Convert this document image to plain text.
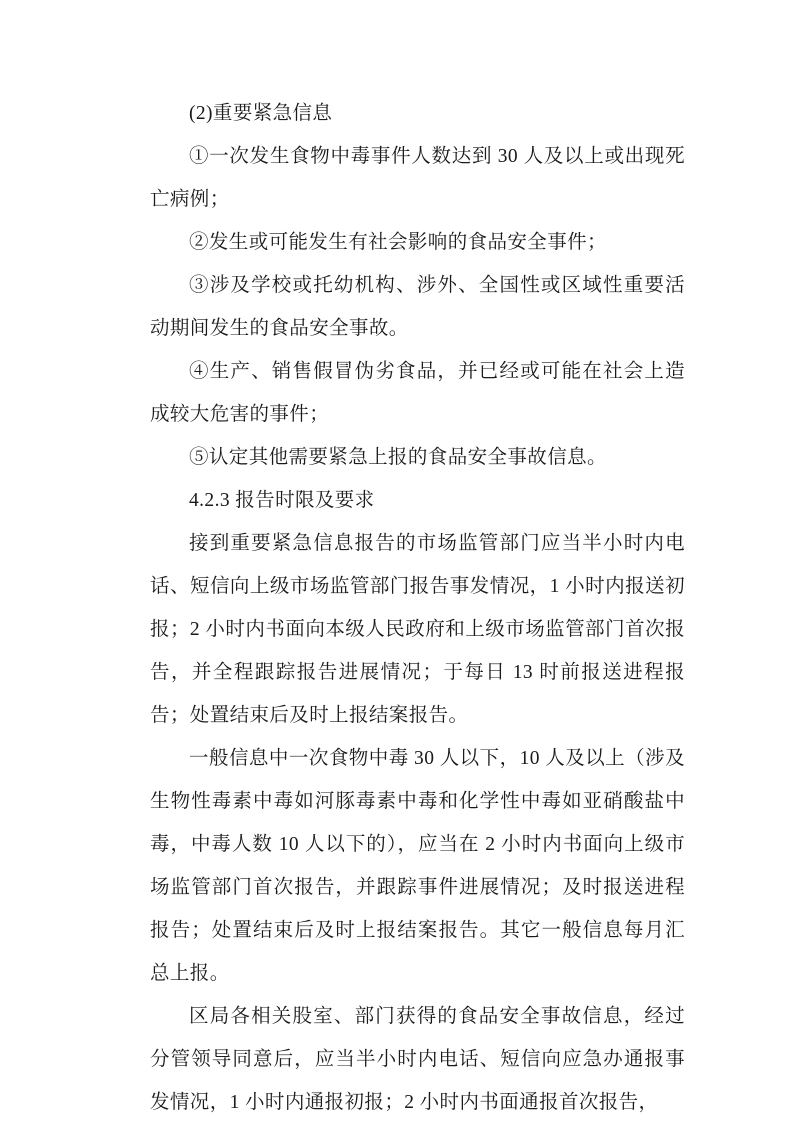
(2)重要紧急信息

①一次发生食物中毒事件人数达到 30 人及以上或出现死亡病例；

②发生或可能发生有社会影响的食品安全事件；

③涉及学校或托幼机构、涉外、全国性或区域性重要活动期间发生的食品安全事故。

④生产、销售假冒伪劣食品，并已经或可能在社会上造成较大危害的事件；

⑤认定其他需要紧急上报的食品安全事故信息。

4.2.3 报告时限及要求

接到重要紧急信息报告的市场监管部门应当半小时内电话、短信向上级市场监管部门报告事发情况，1 小时内报送初报；2 小时内书面向本级人民政府和上级市场监管部门首次报告，并全程跟踪报告进展情况；于每日 13 时前报送进程报告；处置结束后及时上报结案报告。

一般信息中一次食物中毒 30 人以下，10 人及以上（涉及生物性毒素中毒如河豚毒素中毒和化学性中毒如亚硝酸盐中毒，中毒人数 10 人以下的），应当在 2 小时内书面向上级市场监管部门首次报告，并跟踪事件进展情况；及时报送进程报告；处置结束后及时上报结案报告。其它一般信息每月汇总上报。

区局各相关股室、部门获得的食品安全事故信息，经过分管领导同意后，应当半小时内电话、短信向应急办通报事发情况，1 小时内通报初报；2 小时内书面通报首次报告，
